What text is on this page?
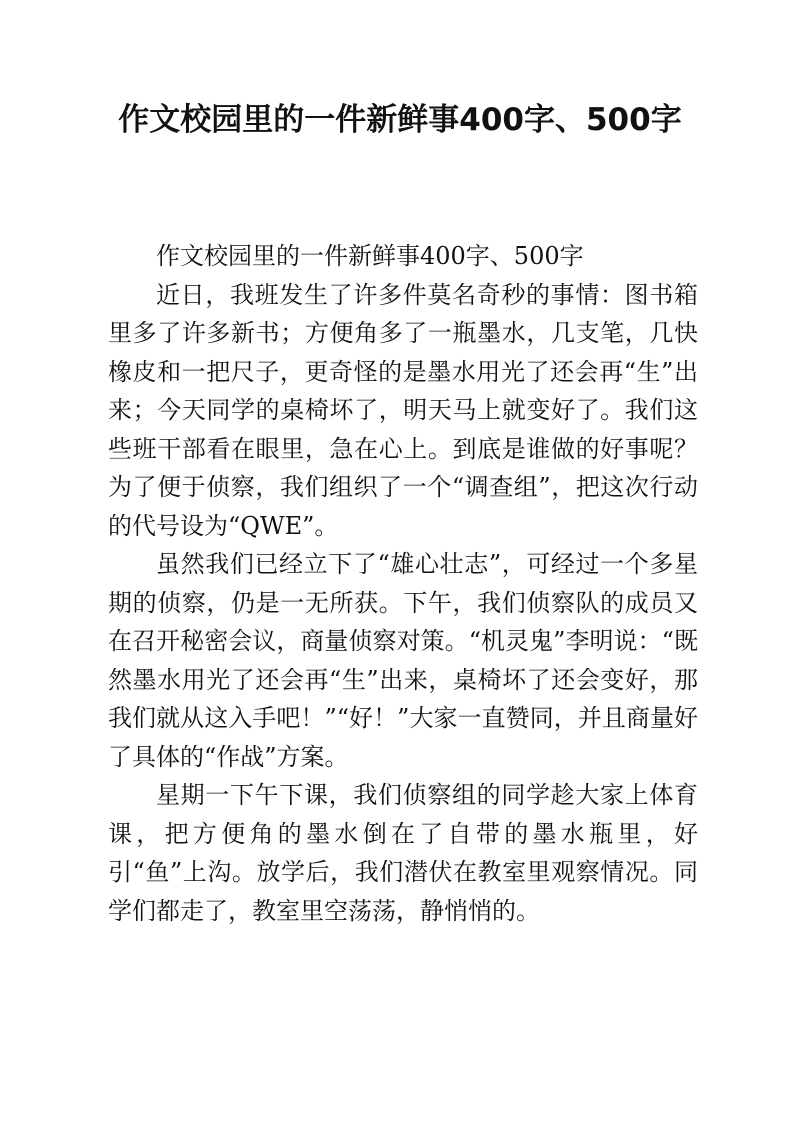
作文校园里的一件新鲜事400字、500字

作文校园里的一件新鲜事400字、500字

近日，我班发生了许多件莫名奇秒的事情：图书箱里多了许多新书；方便角多了一瓶墨水，几支笔，几快橡皮和一把尺子，更奇怪的是墨水用光了还会再“生”出来；今天同学的桌椅坏了，明天马上就变好了。我们这些班干部看在眼里，急在心上。到底是谁做的好事呢？为了便于侦察，我们组织了一个“调查组”，把这次行动的代号设为“QWE”。

虽然我们已经立下了“雄心壮志”，可经过一个多星期的侦察，仍是一无所获。下午，我们侦察队的成员又在召开秘密会议，商量侦察对策。“机灵鬼”李明说：“既然墨水用光了还会再“生”出来，桌椅坏了还会变好，那我们就从这入手吧！”“好！”大家一直赞同，并且商量好了具体的“作战”方案。

星期一下午下课，我们侦察组的同学趁大家上体育课，把方便角的墨水倒在了自带的墨水瓶里，好引“鱼”上沟。放学后，我们潜伏在教室里观察情况。同学们都走了，教室里空荡荡，静悄悄的。
